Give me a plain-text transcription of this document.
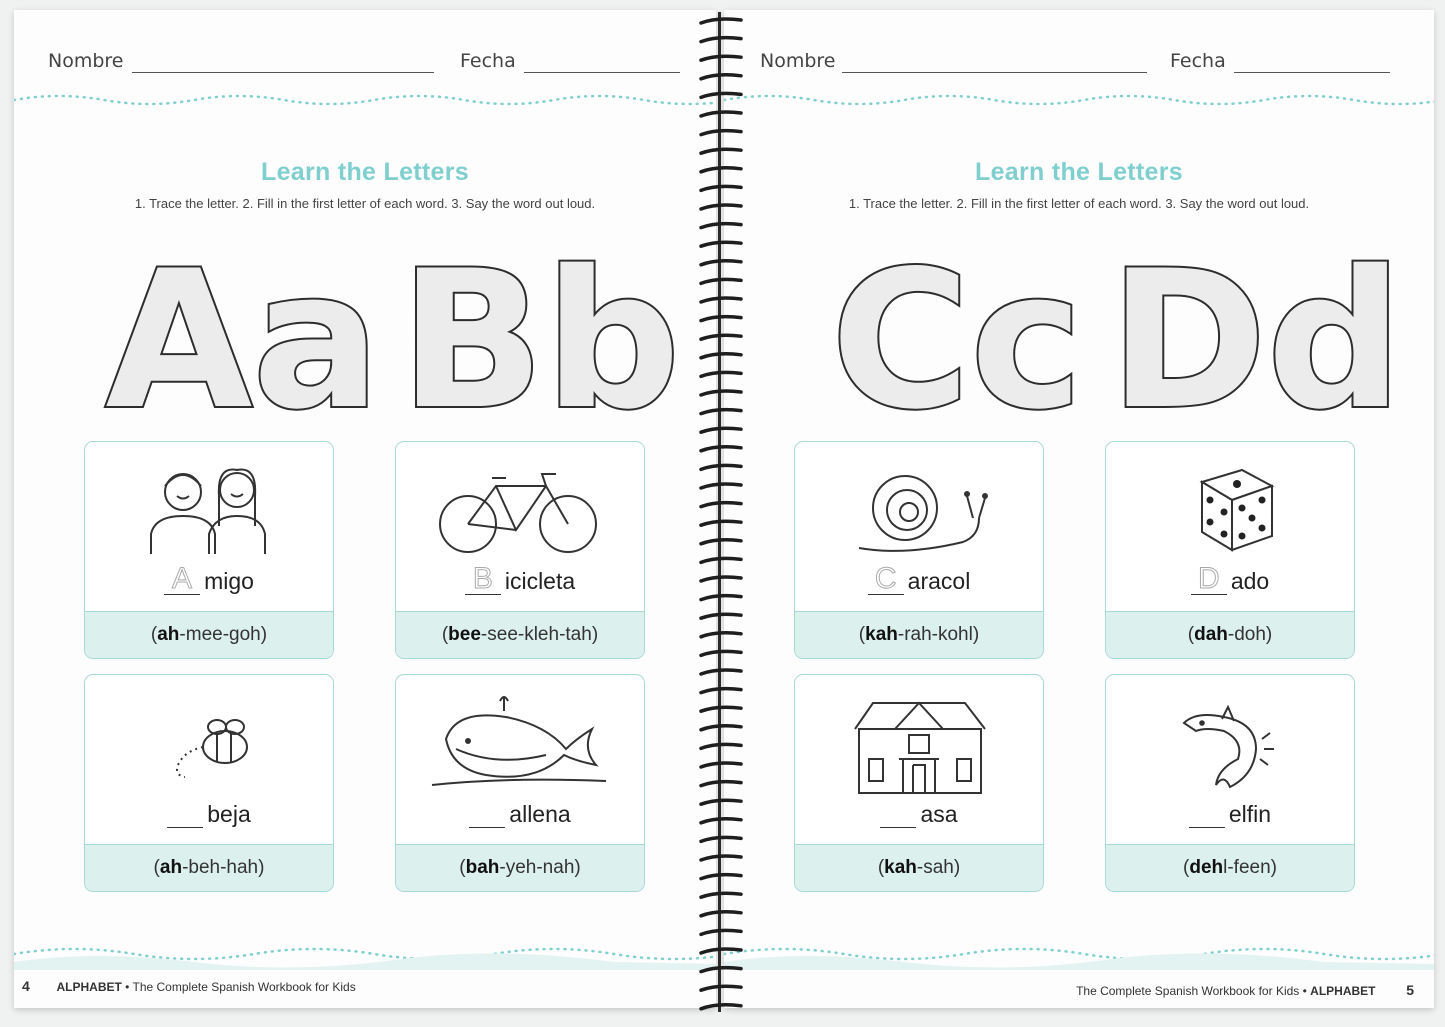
Nombre	Fecha
Learn the Letters
1. Trace the letter. 2. Fill in the first letter of each word. 3. Say the word out loud.
Aa Bb
A migo
(ah-mee-goh)
B icicleta
(bee-see-kleh-tah)
beja
(ah-beh-hah)
allena
(bah-yeh-nah)
4 ALPHABET • The Complete Spanish Workbook for Kids
Nombre	Fecha
Learn the Letters
1. Trace the letter. 2. Fill in the first letter of each word. 3. Say the word out loud.
Cc Dd
C aracol
(kah-rah-kohl)
D ado
(dah-doh)
asa
(kah-sah)
elfin
(dehl-feen)
The Complete Spanish Workbook for Kids • ALPHABET 5
